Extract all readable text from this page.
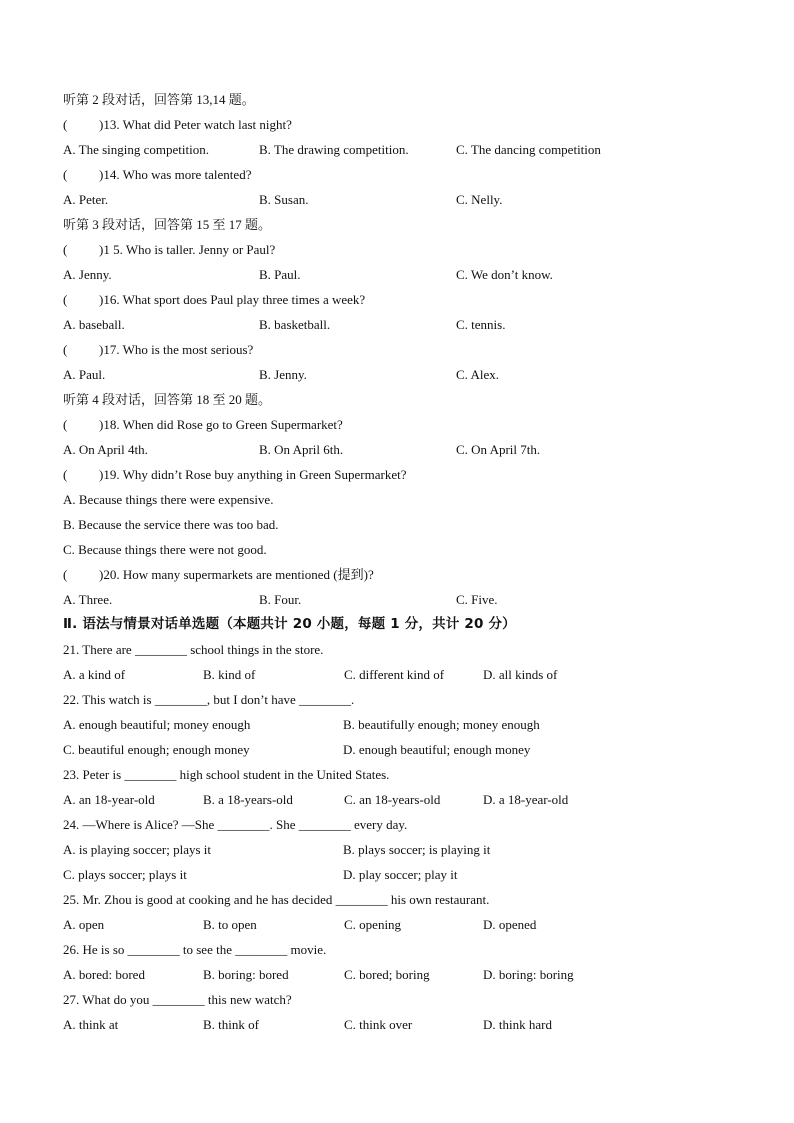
听第 2 段对话，回答第 13,14 题。
( )13. What did Peter watch last night?
A. The singing competition.	B. The drawing competition.	C. The dancing competition
( )14. Who was more talented?
A. Peter.	B. Susan.	C. Nelly.
听第 3 段对话，回答第 15 至 17 题。
( )1 5. Who is taller. Jenny or Paul?
A. Jenny.	B. Paul.	C. We don’t know.
( )16. What sport does Paul play three times a week?
A. baseball.	B. basketball.	C. tennis.
( )17. Who is the most serious?
A. Paul.	B. Jenny.	C. Alex.
听第 4 段对话，回答第 18 至 20 题。
( )18. When did Rose go to Green Supermarket?
A. On April 4th.	B. On April 6th.	C. On April 7th.
( )19. Why didn’t Rose buy anything in Green Supermarket?
A. Because things there were expensive.
B. Because the service there was too bad.
C. Because things there were not good.
( )20. How many supermarkets are mentioned (提到)?
A. Three.	B. Four.	C. Five.
Ⅱ. 语法与情景对话单选题（本题共计 20 小题，每题 1 分，共计 20 分）
21. There are ________ school things in the store.
A. a kind of	B. kind of	C. different kind of	D. all kinds of
22. This watch is ________, but I don’t have ________.
A. enough beautiful; money enough	B. beautifully enough; money enough
C. beautiful enough; enough money	D. enough beautiful; enough money
23. Peter is ________ high school student in the United States.
A. an 18-year-old	B. a 18-years-old	C. an 18-years-old	D. a 18-year-old
24. —Where is Alice? —She ________. She ________ every day.
A. is playing soccer; plays it	B. plays soccer; is playing it
C. plays soccer; plays it	D. play soccer; play it
25. Mr. Zhou is good at cooking and he has decided ________ his own restaurant.
A. open	B. to open	C. opening	D. opened
26. He is so ________ to see the ________ movie.
A. bored: bored	B. boring: bored	C. bored; boring	D. boring: boring
27. What do you ________ this new watch?
A. think at	B. think of	C. think over	D. think hard
